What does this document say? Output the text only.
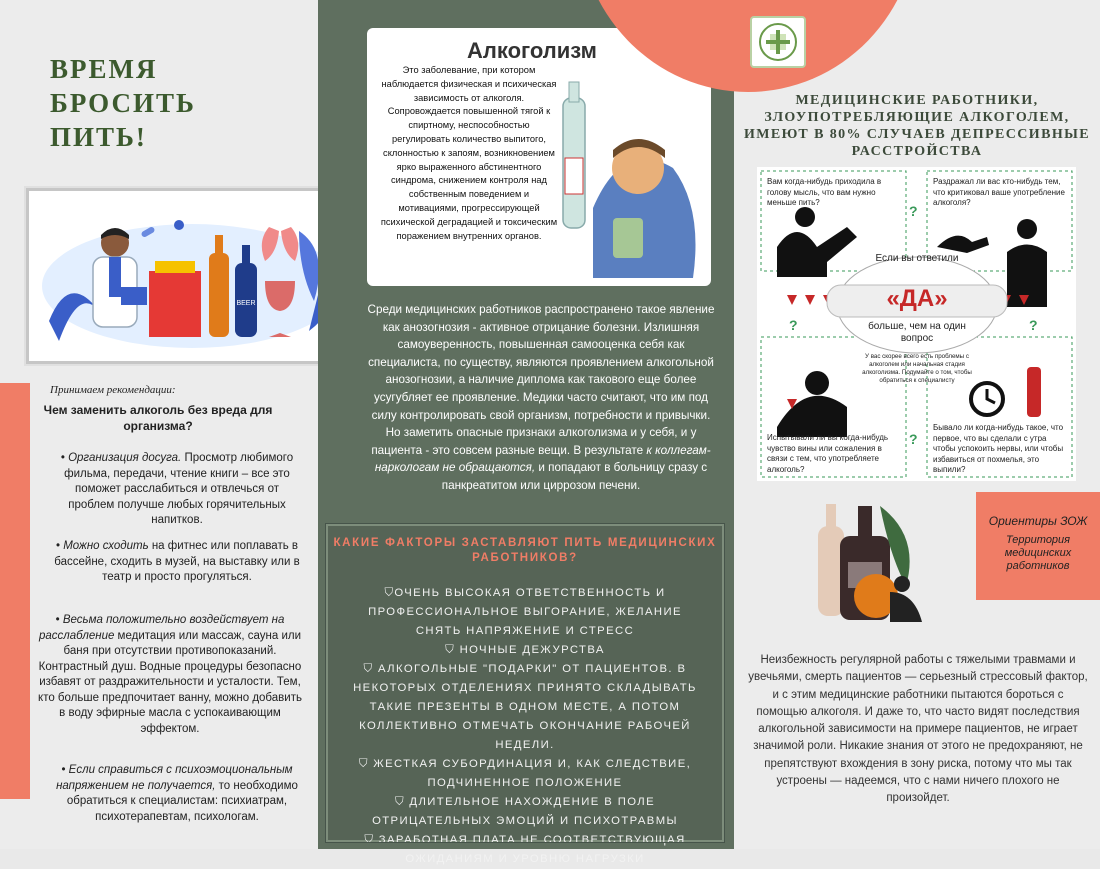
ВРЕМЯ
БРОСИТЬ
ПИТЬ!
BEER
Принимаем рекомендации:
Чем заменить алкоголь без вреда для организма?
• Организация досуга. Просмотр любимого фильма, передачи, чтение книги – все это поможет расслабиться и отвлечься от проблем получше любых горячительных напитков.
• Можно сходить на фитнес или поплавать в бассейне, сходить в музей, на выставку или в театр и просто прогуляться.
• Весьма положительно воздействует на расслабление медитация или массаж, сауна или баня при отсутствии противопоказаний. Контрастный душ. Водные процедуры безопасно избавят от раздражительности и усталости. Тем, кто больше предпочитает ванну, можно добавить в воду эфирные масла с успокаивающим эффектом.
• Если справиться с психоэмоциональным напряжением не получается, то необходимо обратиться к специалистам: психиатрам, психотерапевтам, психологам.
Алкоголизм
Это заболевание, при котором наблюдается физическая и психическая зависимость от алкоголя. Сопровождается повышенной тягой к спиртному, неспособностью регулировать количество выпитого, склонностью к запоям, возникновением ярко выраженного абстинентного синдрома, снижением контроля над собственным поведением и мотивациями, прогрессирующей психической деградацией и токсическим поражением внутренних органов.
Среди медицинских работников распространено такое явление как анозогнозия - активное отрицание болезни. Излишняя самоуверенность, повышенная самооценка себя как специалиста, по существу, являются проявлением алкогольной анозогнозии, а наличие диплома как такового еще более усугубляет ее проявление. Медики часто считают, что им под силу контролировать свой организм, потребности и привычки. Но заметить опасные признаки алкоголизма и у себя, и у пациента - это совсем разные вещи. В результате к коллегам-наркологам не обращаются, и попадают в больницу сразу с панкреатитом или циррозом печени.
КАКИЕ ФАКТОРЫ ЗАСТАВЛЯЮТ ПИТЬ МЕДИЦИНСКИХ РАБОТНИКОВ?
⛉ОЧЕНЬ ВЫСОКАЯ ОТВЕТСТВЕННОСТЬ И ПРОФЕССИОНАЛЬНОЕ ВЫГОРАНИЕ, ЖЕЛАНИЕ СНЯТЬ НАПРЯЖЕНИЕ И СТРЕСС
⛉ НОЧНЫЕ ДЕЖУРСТВА
⛉ АЛКОГОЛЬНЫЕ "ПОДАРКИ" ОТ ПАЦИЕНТОВ. В НЕКОТОРЫХ ОТДЕЛЕНИЯХ ПРИНЯТО СКЛАДЫВАТЬ ТАКИЕ ПРЕЗЕНТЫ В ОДНОМ МЕСТЕ, А ПОТОМ КОЛЛЕКТИВНО ОТМЕЧАТЬ ОКОНЧАНИЕ РАБОЧЕЙ НЕДЕЛИ.
⛉ ЖЕСТКАЯ СУБОРДИНАЦИЯ И, КАК СЛЕДСТВИЕ, ПОДЧИНЕННОЕ ПОЛОЖЕНИЕ
⛉ ДЛИТЕЛЬНОЕ НАХОЖДЕНИЕ В ПОЛЕ ОТРИЦАТЕЛЬНЫХ ЭМОЦИЙ И ПСИХОТРАВМЫ
⛉ ЗАРАБОТНАЯ ПЛАТА НЕ СООТВЕТСТВУЮЩАЯ ОЖИДАНИЯМ И УРОВНЮ НАГРУЗКИ
МЕДИЦИНСКИЕ РАБОТНИКИ, ЗЛОУПОТРЕБЛЯЮЩИЕ АЛКОГОЛЕМ, ИМЕЮТ В 80% СЛУЧАЕВ ДЕПРЕССИВНЫЕ РАССТРОЙСТВА
Вам когда-нибудь приходила в голову мысль, что вам нужно меньше пить?
Раздражал ли вас кто-нибудь тем, что критиковал ваше употребление алкоголя?
Испытывали ли вы когда-нибудь чувство вины или сожаления в связи с тем, что употребляете алкоголь?
Бывало ли когда-нибудь такое, что первое, что вы сделали с утра чтобы успокоить нервы, или чтобы избавиться от похмелья, это выпили?
Если вы ответили
«ДА»
больше, чем на один вопрос
У вас скорее всего есть проблемы с алкоголем или начальная стадия алкоголизма. Подумайте о том, чтобы обратиться к специалисту
?
?	?
?
Ориентиры ЗОЖ
Территория медицинских работников
Неизбежность регулярной работы с тяжелыми травмами и увечьями, смерть пациентов — серьезный стрессовый фактор, и с этим медицинские работники пытаются бороться с помощью алкоголя. И даже то, что часто видят последствия алкогольной зависимости на примере пациентов, не играет значимой роли. Никакие знания от этого не предохраняют, не препятствуют вхождения в зону риска, потому что мы так устроены — надеемся, что с нами ничего плохого не произойдет.
